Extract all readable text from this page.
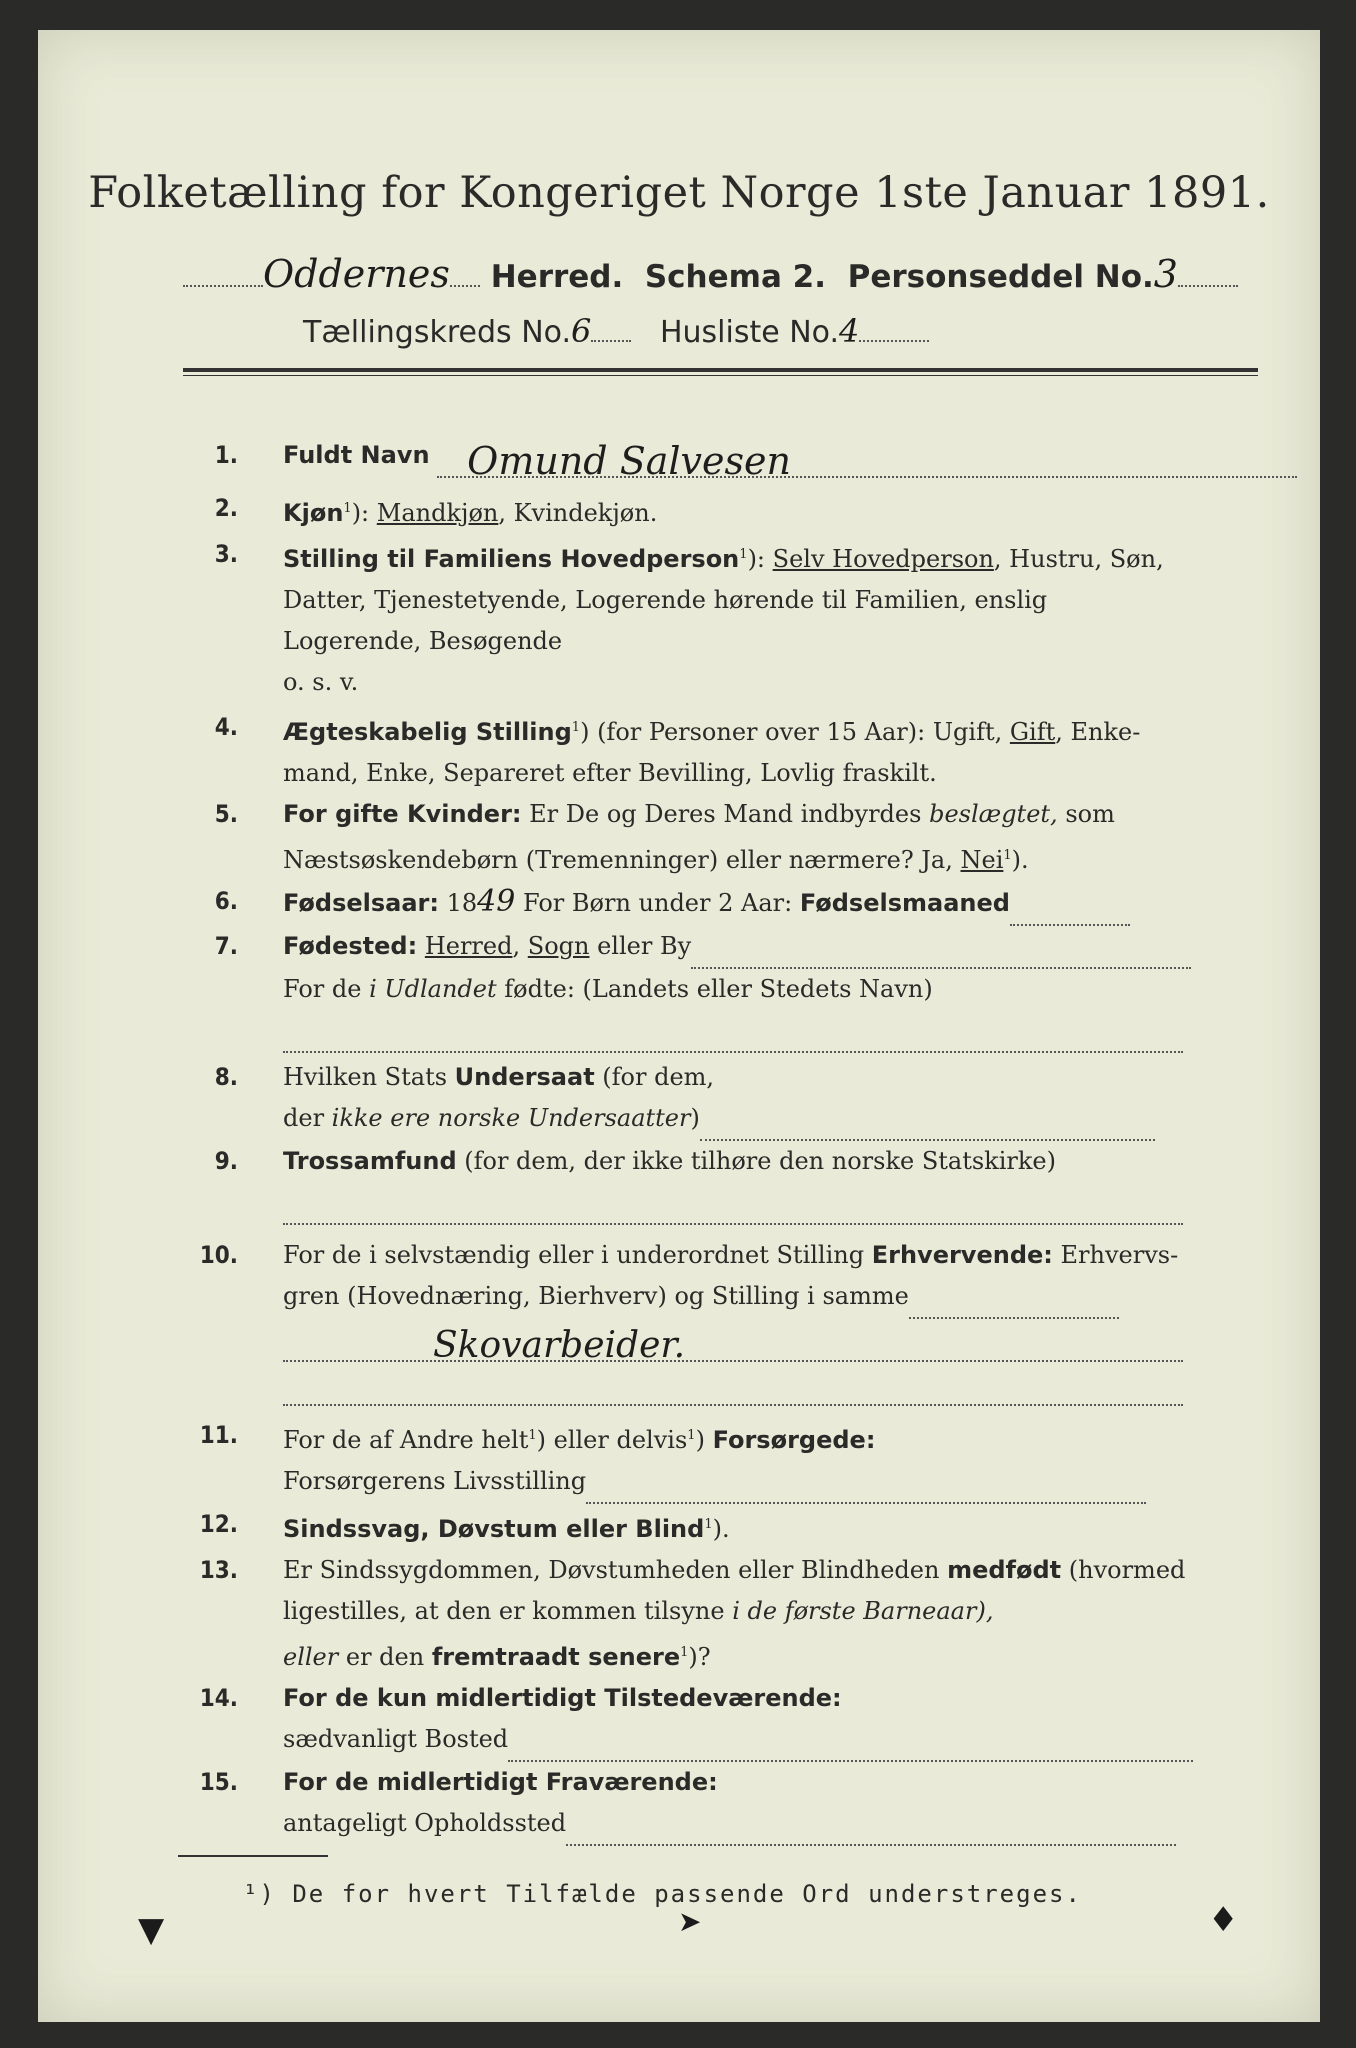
Folketælling for Kongeriget Norge 1ste Januar 1891.
Oddernes Herred. Schema 2. Personseddel No.3
Tællingskreds No.6 Husliste No.4
1. Fuldt Navn Omund Salvesen

2. Kjøn$^1$): Mandkjøn, Kvindekjøn.
3. Stilling til Familiens Hovedperson$^1$): Selv Hovedperson, Hustru, Søn,
Datter, Tjenestetyende, Logerende hørende til Familien, enslig
Logerende, Besøgende
o. s. v.
4. Ægteskabelig Stilling$^1$) (for Personer over 15 Aar): Ugift, Gift, Enke-
mand, Enke, Separeret efter Bevilling, Lovlig fraskilt.
5. For gifte Kvinder: Er De og Deres Mand indbyrdes beslægtet, som
Næstsøskendebørn (Tremenninger) eller nærmere? Ja, Nei$^1$).
6. Fødselsaar: 1849 For Børn under 2 Aar: Fødselsmaaned
7. Fødested: Herred, Sogn eller By
For de i Udlandet fødte: (Landets eller Stedets Navn)

8. Hvilken Stats Undersaat (for dem,
der ikke ere norske Undersaatter)
9. Trossamfund (for dem, der ikke tilhøre den norske Statskirke)

10. For de i selvstændig eller i underordnet Stilling Erhvervende: Erhvervs-
gren (Hovednæring, Bierhverv) og Stilling i samme
Skovarbeider.

11. For de af Andre helt$^1$) eller delvis$^1$) Forsørgede:
Forsørgerens Livsstilling
12. Sindssvag, Døvstum eller Blind$^1$).
13. Er Sindssygdommen, Døvstumheden eller Blindheden medfødt (hvormed
ligestilles, at den er kommen tilsyne i de første Barneaar),
eller er den fremtraadt senere$^1$)?
14. For de kun midlertidigt Tilstedeværende:
sædvanligt Bosted
15. For de midlertidigt Fraværende:
antageligt Opholdssted
¹) De for hvert Tilfælde passende Ord understreges.
▼	➤	♦
